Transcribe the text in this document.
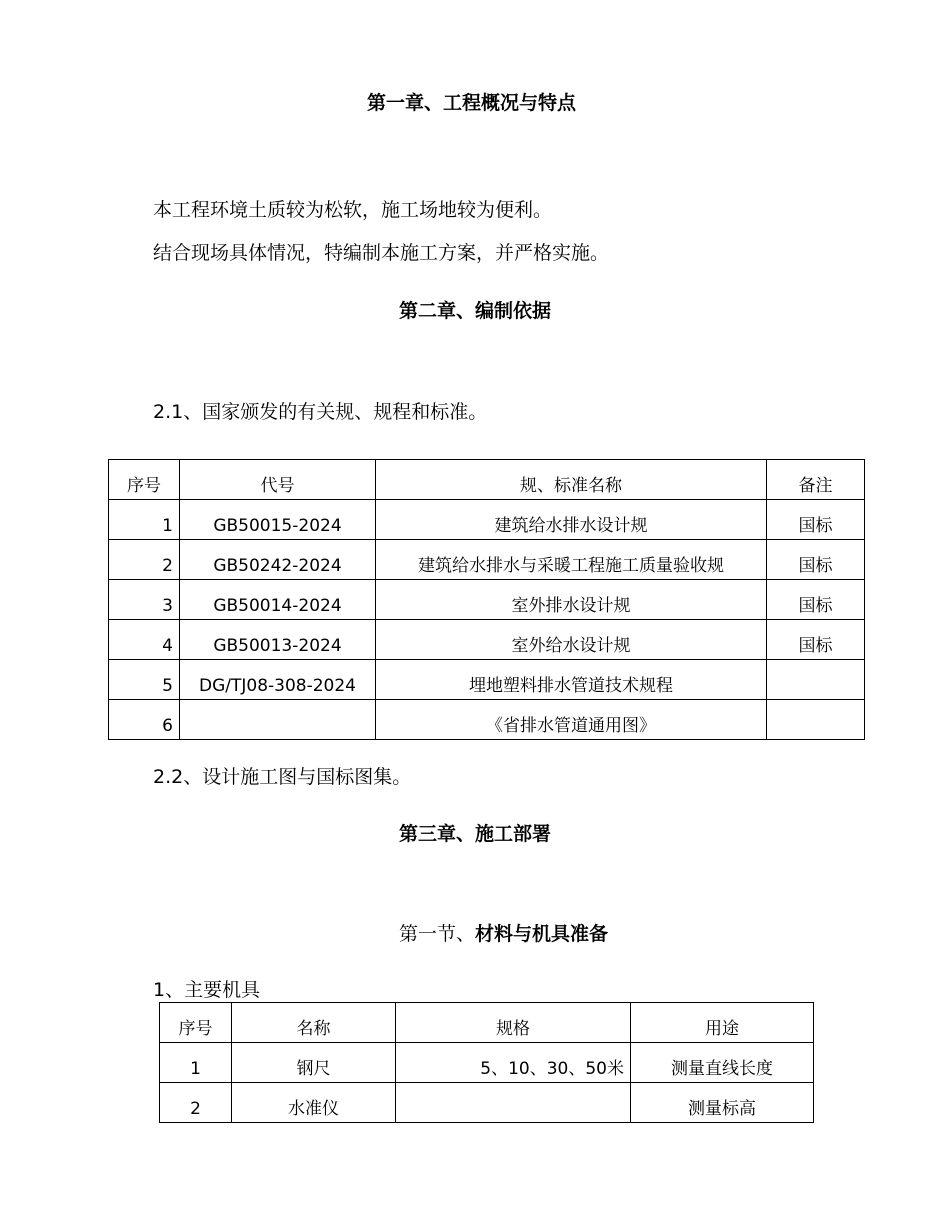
第一章、工程概况与特点
本工程环境土质较为松软，施工场地较为便利。
结合现场具体情况，特编制本施工方案，并严格实施。
第二章、编制依据
2.1、国家颁发的有关规、规程和标准。
序号	代号	规、标准名称	备注
1	GB50015-2024	建筑给水排水设计规	国标
2	GB50242-2024	建筑给水排水与采暖工程施工质量验收规	国标
3	GB50014-2024	室外排水设计规	国标
4	GB50013-2024	室外给水设计规	国标
5	DG/TJ08-308-2024	埋地塑料排水管道技术规程	
6		《省排水管道通用图》	
2.2、设计施工图与国标图集。
第三章、施工部署
第一节、材料与机具准备
1、主要机具
序号	名称	规格	用途
1	钢尺	5、10、30、50米	测量直线长度
2	水准仪		测量标高
